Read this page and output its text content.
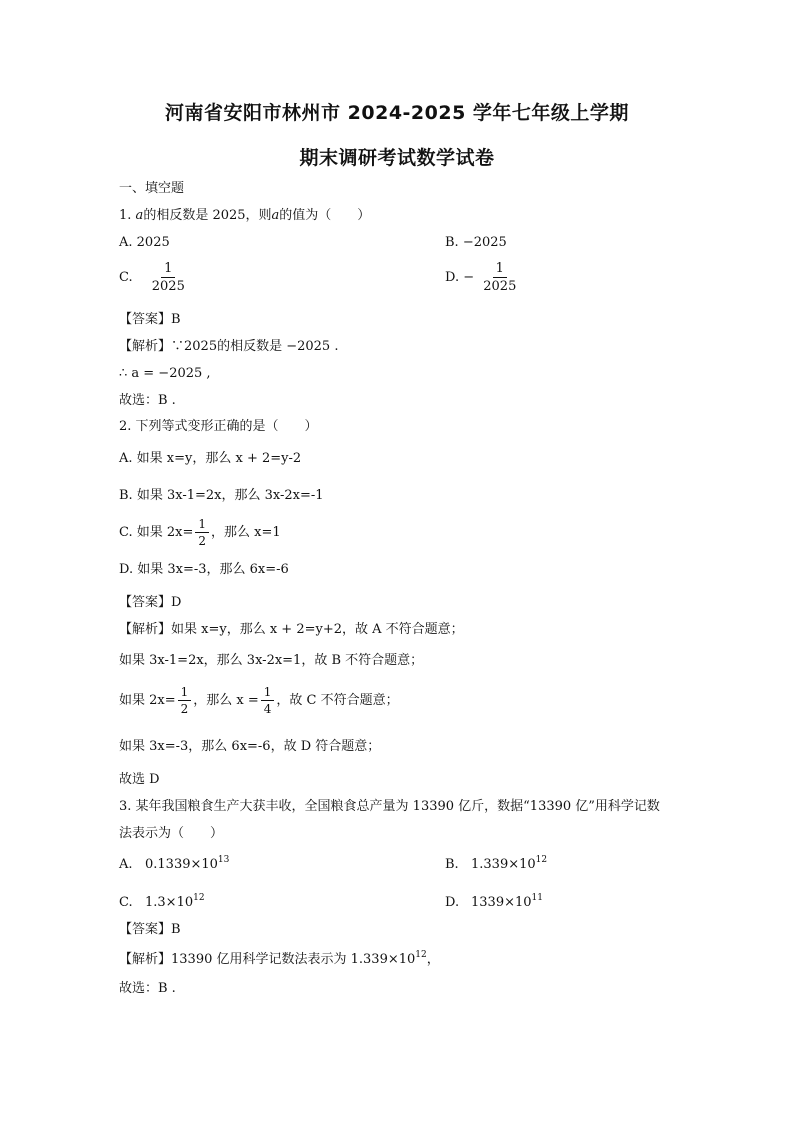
河南省安阳市林州市 2024-2025 学年七年级上学期
期末调研考试数学试卷
一、填空题
1. a的相反数是 2025，则a的值为（　　）
A. 2025	B. −2025
C. $\frac{1}{2025}$	D. − $\frac{1}{2025}$
【答案】B
【解析】∵2025的相反数是 −2025 .
∴ a = −2025 ,
故选：B .
2. 下列等式变形正确的是（　　）
A. 如果 x=y，那么 x + 2=y-2
B. 如果 3x-1=2x，那么 3x-2x=-1
C. 如果 $2x= \frac{1}{2}$ ，那么 x=1
D. 如果 3x=-3，那么 6x=-6
【答案】D
【解析】如果 x=y，那么 x + 2=y+2，故 A 不符合题意；
如果 3x-1=2x，那么 3x-2x=1，故 B 不符合题意；
如果 $2x= \frac{1}{2}$ ，那么 $x = \frac{1}{4}$ ，故 C 不符合题意；
如果 3x=-3，那么 6x=-6，故 D 符合题意；
故选 D
3. 某年我国粮食生产大获丰收，全国粮食总产量为 13390 亿斤，数据“13390 亿”用科学记数
法表示为（　　）
A. $0.1339\times 10^{13}$	B. $1.339\times 10^{12}$
C. $1.3\times 10^{12}$	D. $1339\times 10^{11}$
【答案】B
【解析】13390 亿用科学记数法表示为 $1.339\times 10^{12}$，
故选：B .
